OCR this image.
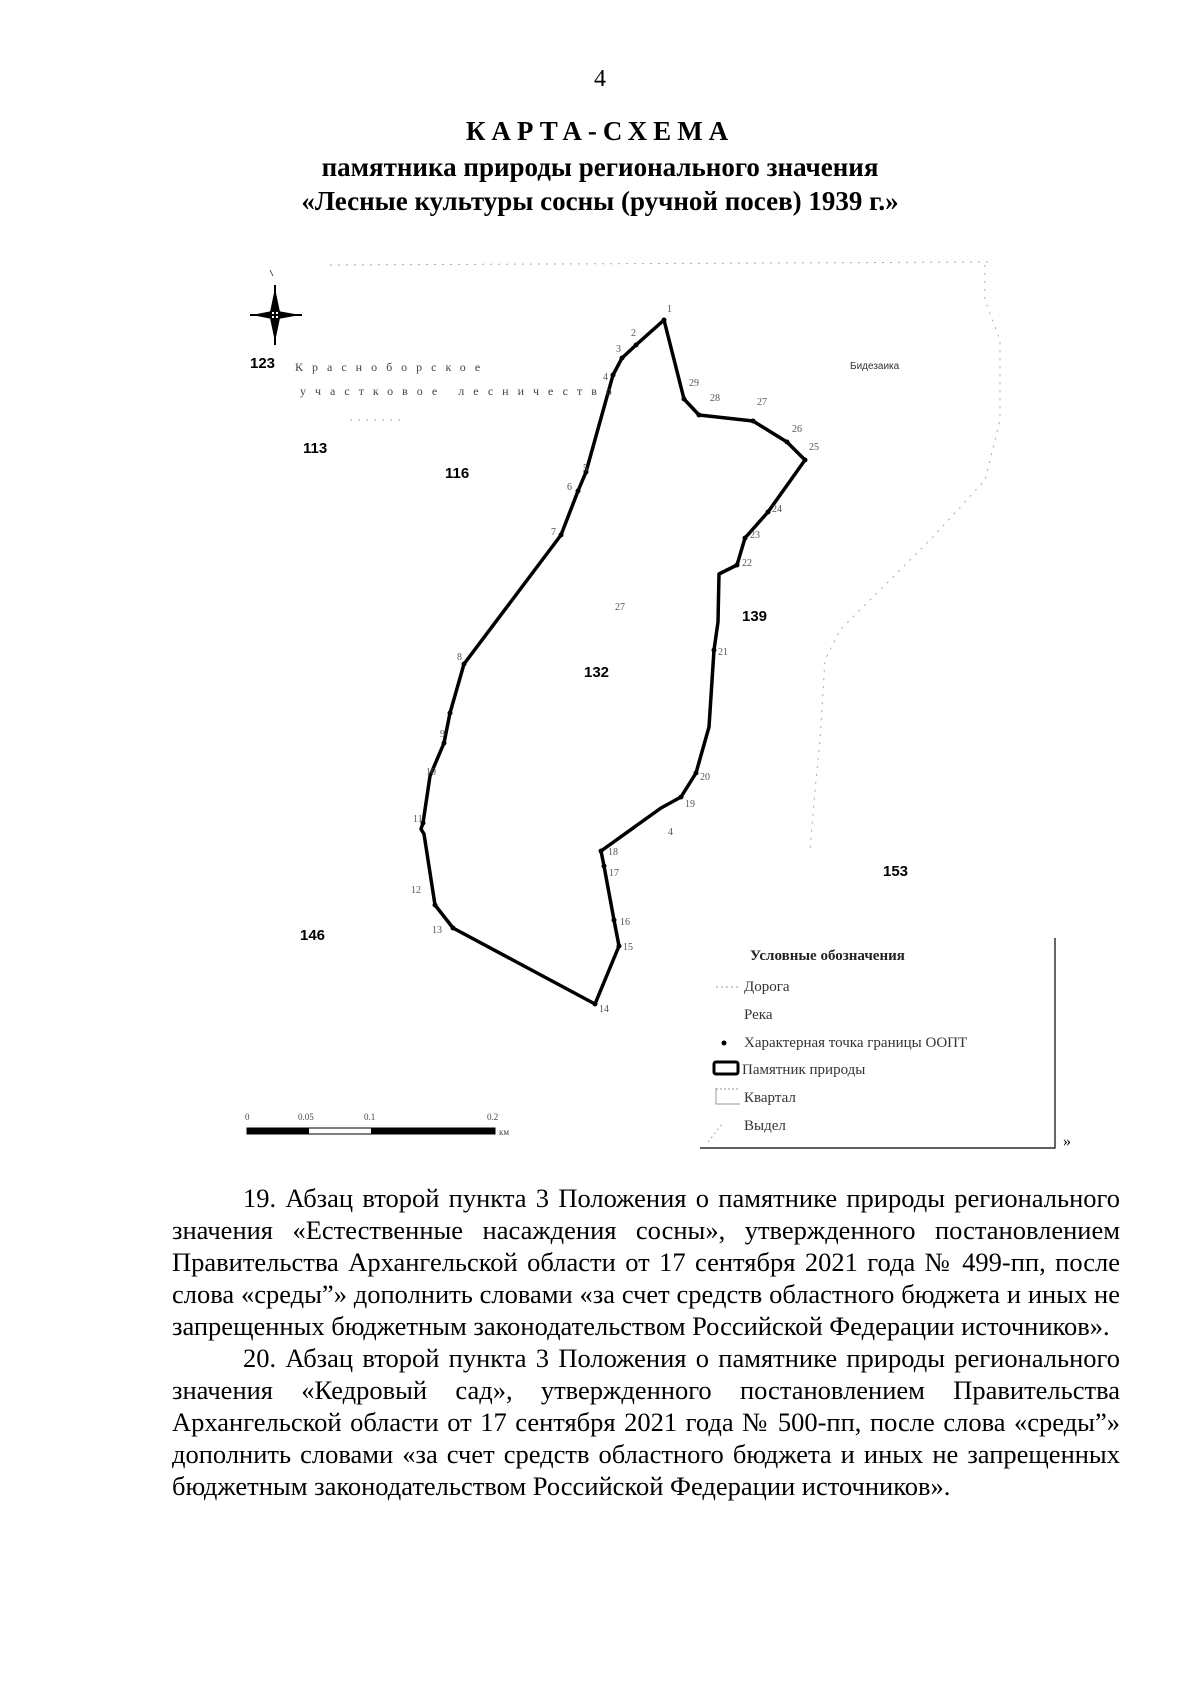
4
КАРТА-СХЕМА
памятника природы регионального значения
«Лесные культуры сосны (ручной посев) 1939 г.»
1
2
3
4
5
6
7
8
9
10
11
12
13
14
15
16
17
18
19
20
21
22
23
24
25
26
27
28
29
27
4
123
113
116
132
139
153
146
Красноборское
участковое лесничество
Бидезаика
Условные обозначения
Дорога
Река
Характерная точка границы ООПТ
Памятник природы
Квартал
Выдел
»
0	0.05	0.1	0.2
км

19. Абзац второй пункта 3 Положения о памятнике природы регионального значения «Естественные насаждения сосны», утвержденного постановлением Правительства Архангельской области от 17 сентября 2021 года № 499-пп, после слова «среды”» дополнить словами «за счет средств областного бюджета и иных не запрещенных бюджетным законодательством Российской Федерации источников».

20. Абзац второй пункта 3 Положения о памятнике природы регионального значения «Кедровый сад», утвержденного постановлением Правительства Архангельской области от 17 сентября 2021 года № 500-пп, после слова «среды”» дополнить словами «за счет средств областного бюджета и иных не запрещенных бюджетным законодательством Российской Федерации источников».
